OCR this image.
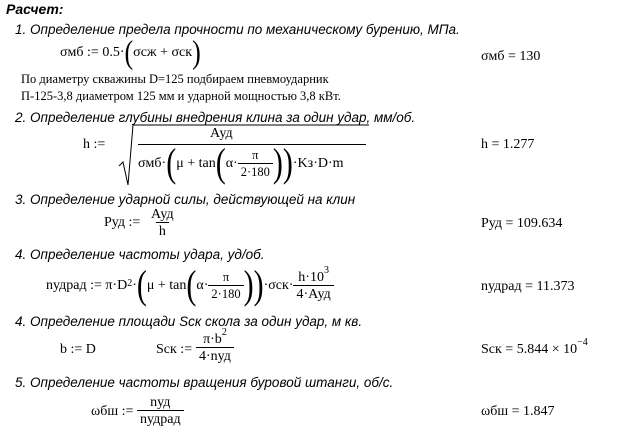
Расчет:
1. Определение предела прочности по механическому бурению, МПа.
σмб := 0.5·(σсж + σск)	σмб = 130
По диаметру скважины D=125 подбираем пневмоударник
П-125-3,8 диаметром 125 мм и ударной мощностью 3,8 кВт.
2. Определение глубины внедрения клина за один удар, мм/об.
h :=
Ауд
σмб· ( μ + tan ( $\alpha\cdot \frac{\pi}{2\cdot 180}$ ) ) ·Kз·D·m
h = 1.277
3. Определение ударной силы, действующей на клин
Руд := $\frac{\text{Ауд}}{h}$	Руд = 109.634
4. Определение частоты удара, уд/об.
nудрад := $\pi\cdot D^2$ · ( μ + tan ( $\alpha\cdot \frac{\pi}{2\cdot 180}$ ) ) $\cdot\sigma ск\cdot \frac{h\cdot 10^3}{\text{4·Ауд}}$	nудрад = 11.373
4. Определение площади Sск скола за один удар, м кв.
b := D	Sск := $\frac{\pi\cdot b^2}{\text{4·nуд}}$	Sск = $5.844 \times 10^{-4}$
5. Определение частоты вращения буровой штанги, об/с.
ωбш := $\frac{\text{nуд}}{\text{nудрад}}$	ωбш = 1.847
